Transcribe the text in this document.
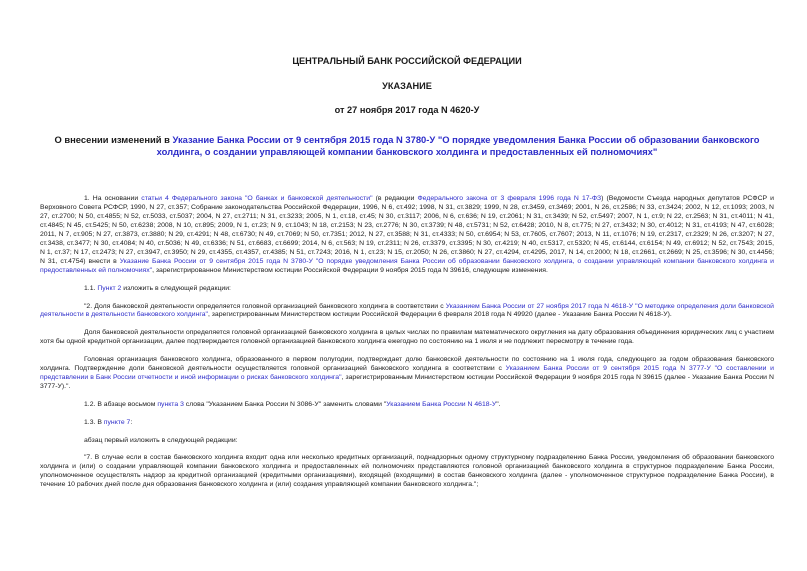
ЦЕНТРАЛЬНЫЙ БАНК РОССИЙСКОЙ ФЕДЕРАЦИИ
УКАЗАНИЕ
от 27 ноября 2017 года N 4620-У
О внесении изменений в Указание Банка России от 9 сентября 2015 года N 3780-У "О порядке уведомления Банка России об образовании банковского холдинга, о создании управляющей компании банковского холдинга и предоставленных ей полномочиях"

1. На основании статьи 4 Федерального закона "О банках и банковской деятельности" (в редакции Федерального закона от 3 февраля 1996 года N 17-ФЗ) (Ведомости Съезда народных депутатов РСФСР и Верховного Совета РСФСР, 1990, N 27, ст.357; Собрание законодательства Российской Федерации, 1996, N 6, ст.492; 1998, N 31, ст.3829; 1999, N 28, ст.3459, ст.3469; 2001, N 26, ст.2586; N 33, ст.3424; 2002, N 12, ст.1093; 2003, N 27, ст.2700; N 50, ст.4855; N 52, ст.5033, ст.5037; 2004, N 27, ст.2711; N 31, ст.3233; 2005, N 1, ст.18, ст.45; N 30, ст.3117; 2006, N 6, ст.636; N 19, ст.2061; N 31, ст.3439; N 52, ст.5497; 2007, N 1, ст.9; N 22, ст.2563; N 31, ст.4011; N 41, ст.4845; N 45, ст.5425; N 50, ст.6238; 2008, N 10, ст.895; 2009, N 1, ст.23; N 9, ст.1043; N 18, ст.2153; N 23, ст.2776; N 30, ст.3739; N 48, ст.5731; N 52, ст.6428; 2010, N 8, ст.775; N 27, ст.3432; N 30, ст.4012; N 31, ст.4193; N 47, ст.6028; 2011, N 7, ст.905; N 27, ст.3873, ст.3880; N 29, ст.4291; N 48, ст.6730; N 49, ст.7069; N 50, ст.7351; 2012, N 27, ст.3588; N 31, ст.4333; N 50, ст.6954; N 53, ст.7605, ст.7607; 2013, N 11, ст.1076; N 19, ст.2317, ст.2329; N 26, ст.3207; N 27, ст.3438, ст.3477; N 30, ст.4084; N 40, ст.5036; N 49, ст.6336; N 51, ст.6683, ст.6699; 2014, N 6, ст.563; N 19, ст.2311; N 26, ст.3379, ст.3395; N 30, ст.4219; N 40, ст.5317, ст.5320; N 45, ст.6144, ст.6154; N 49, ст.6912; N 52, ст.7543; 2015, N 1, ст.37; N 17, ст.2473; N 27, ст.3947, ст.3950; N 29, ст.4355, ст.4357, ст.4385; N 51, ст.7243; 2016, N 1, ст.23; N 15, ст.2050; N 26, ст.3860; N 27, ст.4294, ст.4295, 2017, N 14, ст.2000; N 18, ст.2661, ст.2669; N 25, ст.3596; N 30, ст.4456; N 31, ст.4754) внести в Указание Банка России от 9 сентября 2015 года N 3780-У "О порядке уведомления Банка России об образовании банковского холдинга, о создании управляющей компании банковского холдинга и предоставленных ей полномочиях", зарегистрированное Министерством юстиции Российской Федерации 9 ноября 2015 года N 39616, следующие изменения.

1.1. Пункт 2 изложить в следующей редакции:

"2. Доля банковской деятельности определяется головной организацией банковского холдинга в соответствии с Указанием Банка России от 27 ноября 2017 года N 4618-У "О методике определения доли банковской деятельности в деятельности банковского холдинга", зарегистрированным Министерством юстиции Российской Федерации 6 февраля 2018 года N 49920 (далее - Указание Банка России N 4618-У).

Доля банковской деятельности определяется головной организацией банковского холдинга в целых числах по правилам математического округления на дату образования объединения юридических лиц с участием хотя бы одной кредитной организации, далее подтверждается головной организацией банковского холдинга ежегодно по состоянию на 1 июля и не подлежит пересмотру в течение года.

Головная организация банковского холдинга, образованного в первом полугодии, подтверждает долю банковской деятельности по состоянию на 1 июля года, следующего за годом образования банковского холдинга. Подтверждение доли банковской деятельности осуществляется головной организацией банковского холдинга в соответствии с Указанием Банка России от 9 сентября 2015 года N 3777-У "О составлении и представлении в Банк России отчетности и иной информации о рисках банковского холдинга", зарегистрированным Министерством юстиции Российской Федерации 9 ноября 2015 года N 39615 (далее - Указание Банка России N 3777-У).".

1.2. В абзаце восьмом пункта 3 слова "Указанием Банка России N 3086-У" заменить словами "Указанием Банка России N 4618-У".

1.3. В пункте 7:

абзац первый изложить в следующей редакции:

"7. В случае если в состав банковского холдинга входит одна или несколько кредитных организаций, поднадзорных одному структурному подразделению Банка России, уведомления об образовании банковского холдинга и (или) о создании управляющей компании банковского холдинга и предоставленных ей полномочиях представляются головной организацией банковского холдинга в структурное подразделение Банка России, уполномоченное осуществлять надзор за кредитной организацией (кредитными организациями), входящей (входящими) в состав банковского холдинга (далее - уполномоченное структурное подразделение Банка России), в течение 10 рабочих дней после дня образования банковского холдинга и (или) создания управляющей компании банковского холдинга.";
